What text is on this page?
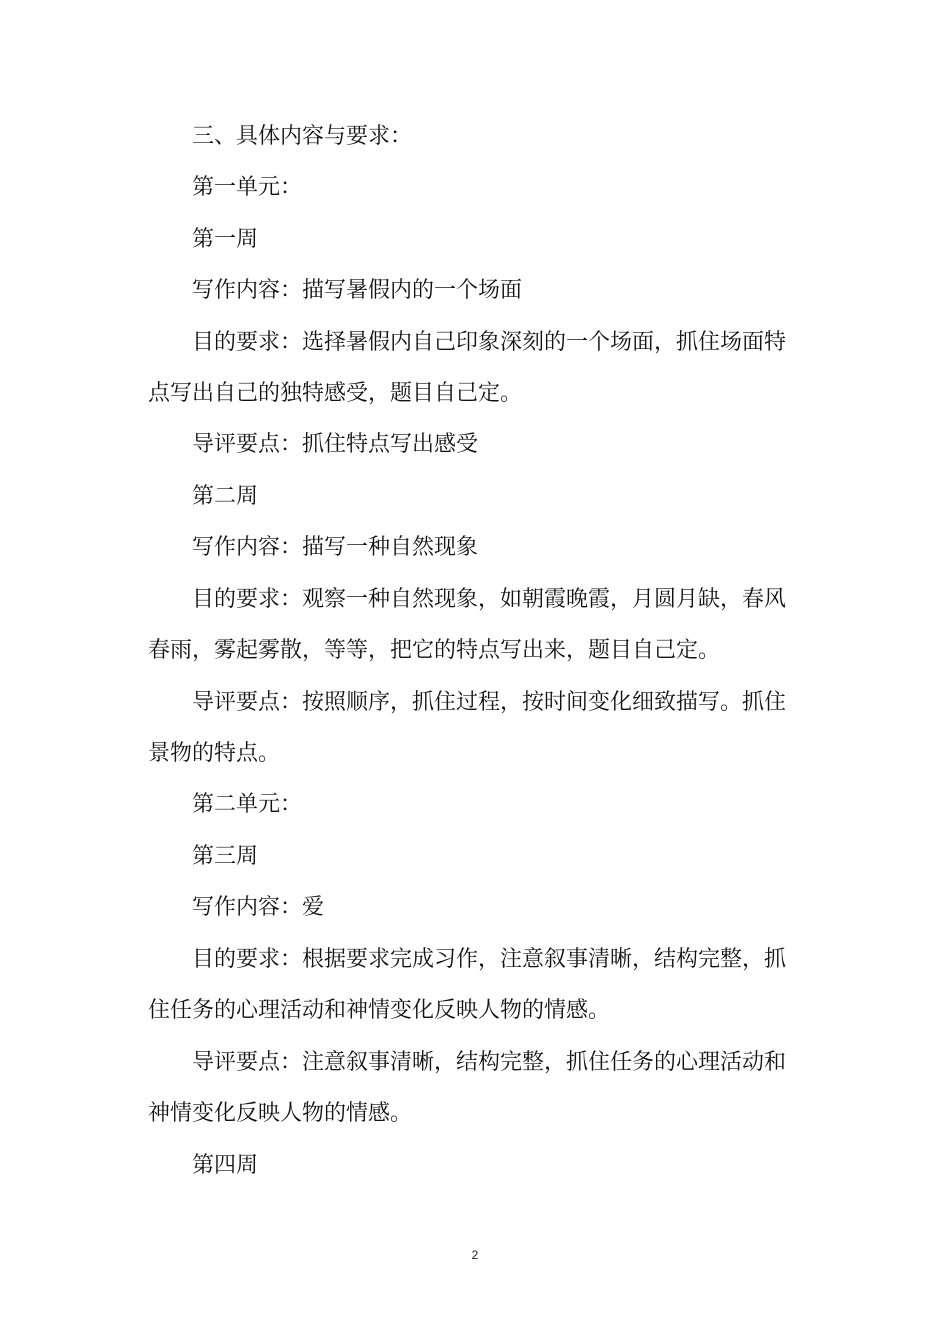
三、具体内容与要求：
第一单元：
第一周
写作内容：描写暑假内的一个场面
目的要求：选择暑假内自己印象深刻的一个场面，抓住场面特
点写出自己的独特感受，题目自己定。
导评要点：抓住特点写出感受
第二周
写作内容：描写一种自然现象
目的要求：观察一种自然现象，如朝霞晚霞，月圆月缺，春风
春雨，雾起雾散，等等，把它的特点写出来，题目自己定。
导评要点：按照顺序，抓住过程，按时间变化细致描写。抓住
景物的特点。
第二单元：
第三周
写作内容：爱
目的要求：根据要求完成习作，注意叙事清晰，结构完整，抓
住任务的心理活动和神情变化反映人物的情感。
导评要点：注意叙事清晰，结构完整，抓住任务的心理活动和
神情变化反映人物的情感。
第四周
2
